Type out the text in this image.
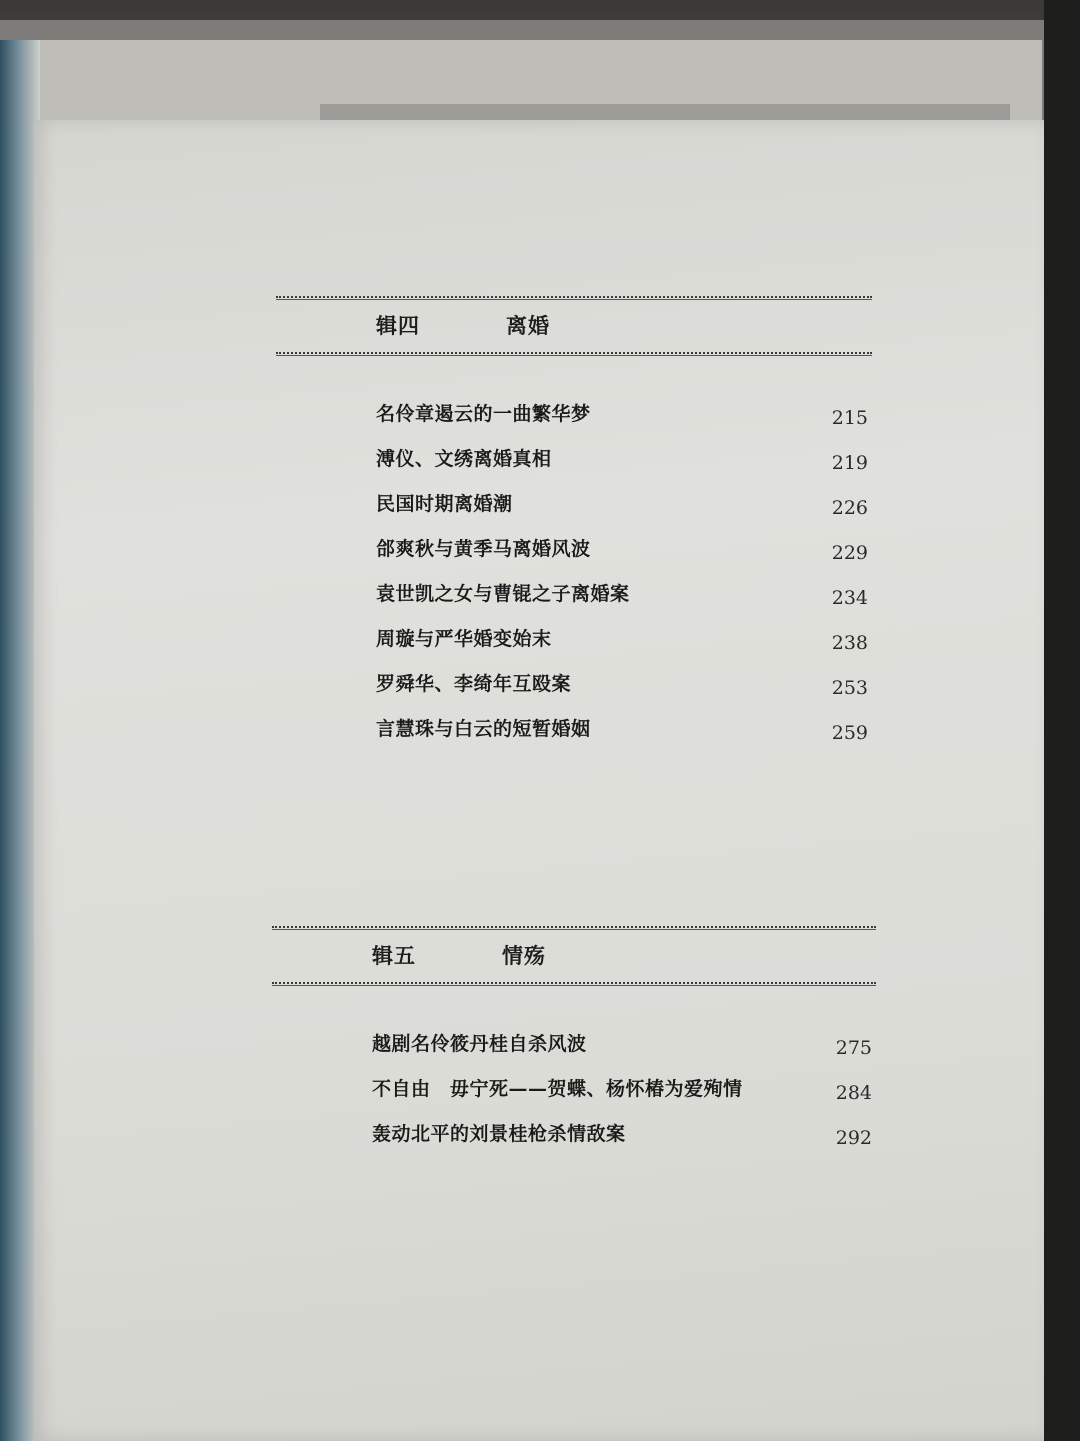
辑四	离婚
名伶章遏云的一曲繁华梦	215
溥仪、文绣离婚真相	219
民国时期离婚潮	226
郃爽秋与黄季马离婚风波	229
袁世凯之女与曹锟之子离婚案	234
周璇与严华婚变始末	238
罗舜华、李绮年互殴案	253
言慧珠与白云的短暂婚姻	259
辑五	情殇
越剧名伶筱丹桂自杀风波	275
不自由　毋宁死——贺蝶、杨怀椿为爱殉情	284
轰动北平的刘景桂枪杀情敌案	292
